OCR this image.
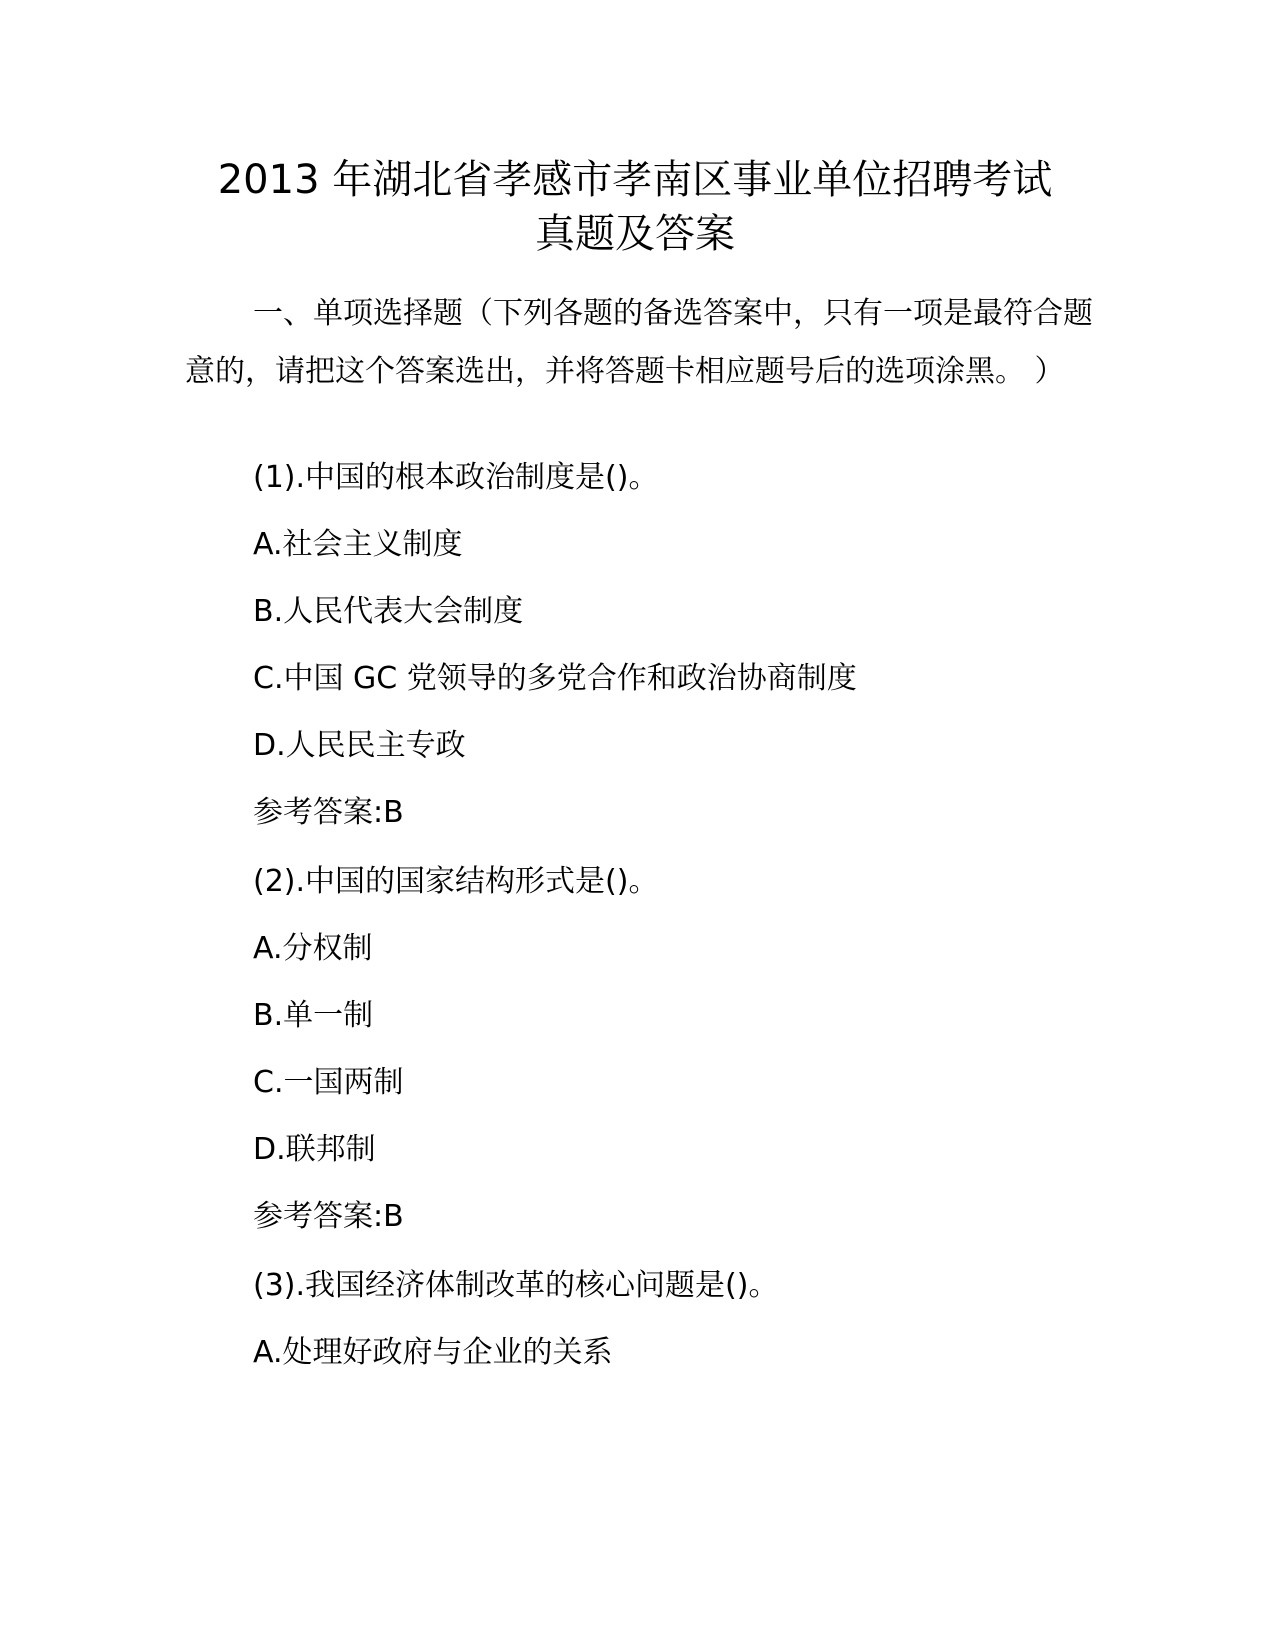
2013 年湖北省孝感市孝南区事业单位招聘考试
真题及答案
一、单项选择题（下列各题的备选答案中，只有一项是最符合题意的，请把这个答案选出，并将答题卡相应题号后的选项涂黑。 ）
(1).中国的根本政治制度是()。
A.社会主义制度
B.人民代表大会制度
C.中国 GC 党领导的多党合作和政治协商制度
D.人民民主专政
参考答案:B
(2).中国的国家结构形式是()。
A.分权制
B.单一制
C.一国两制
D.联邦制
参考答案:B
(3).我国经济体制改革的核心问题是()。
A.处理好政府与企业的关系
